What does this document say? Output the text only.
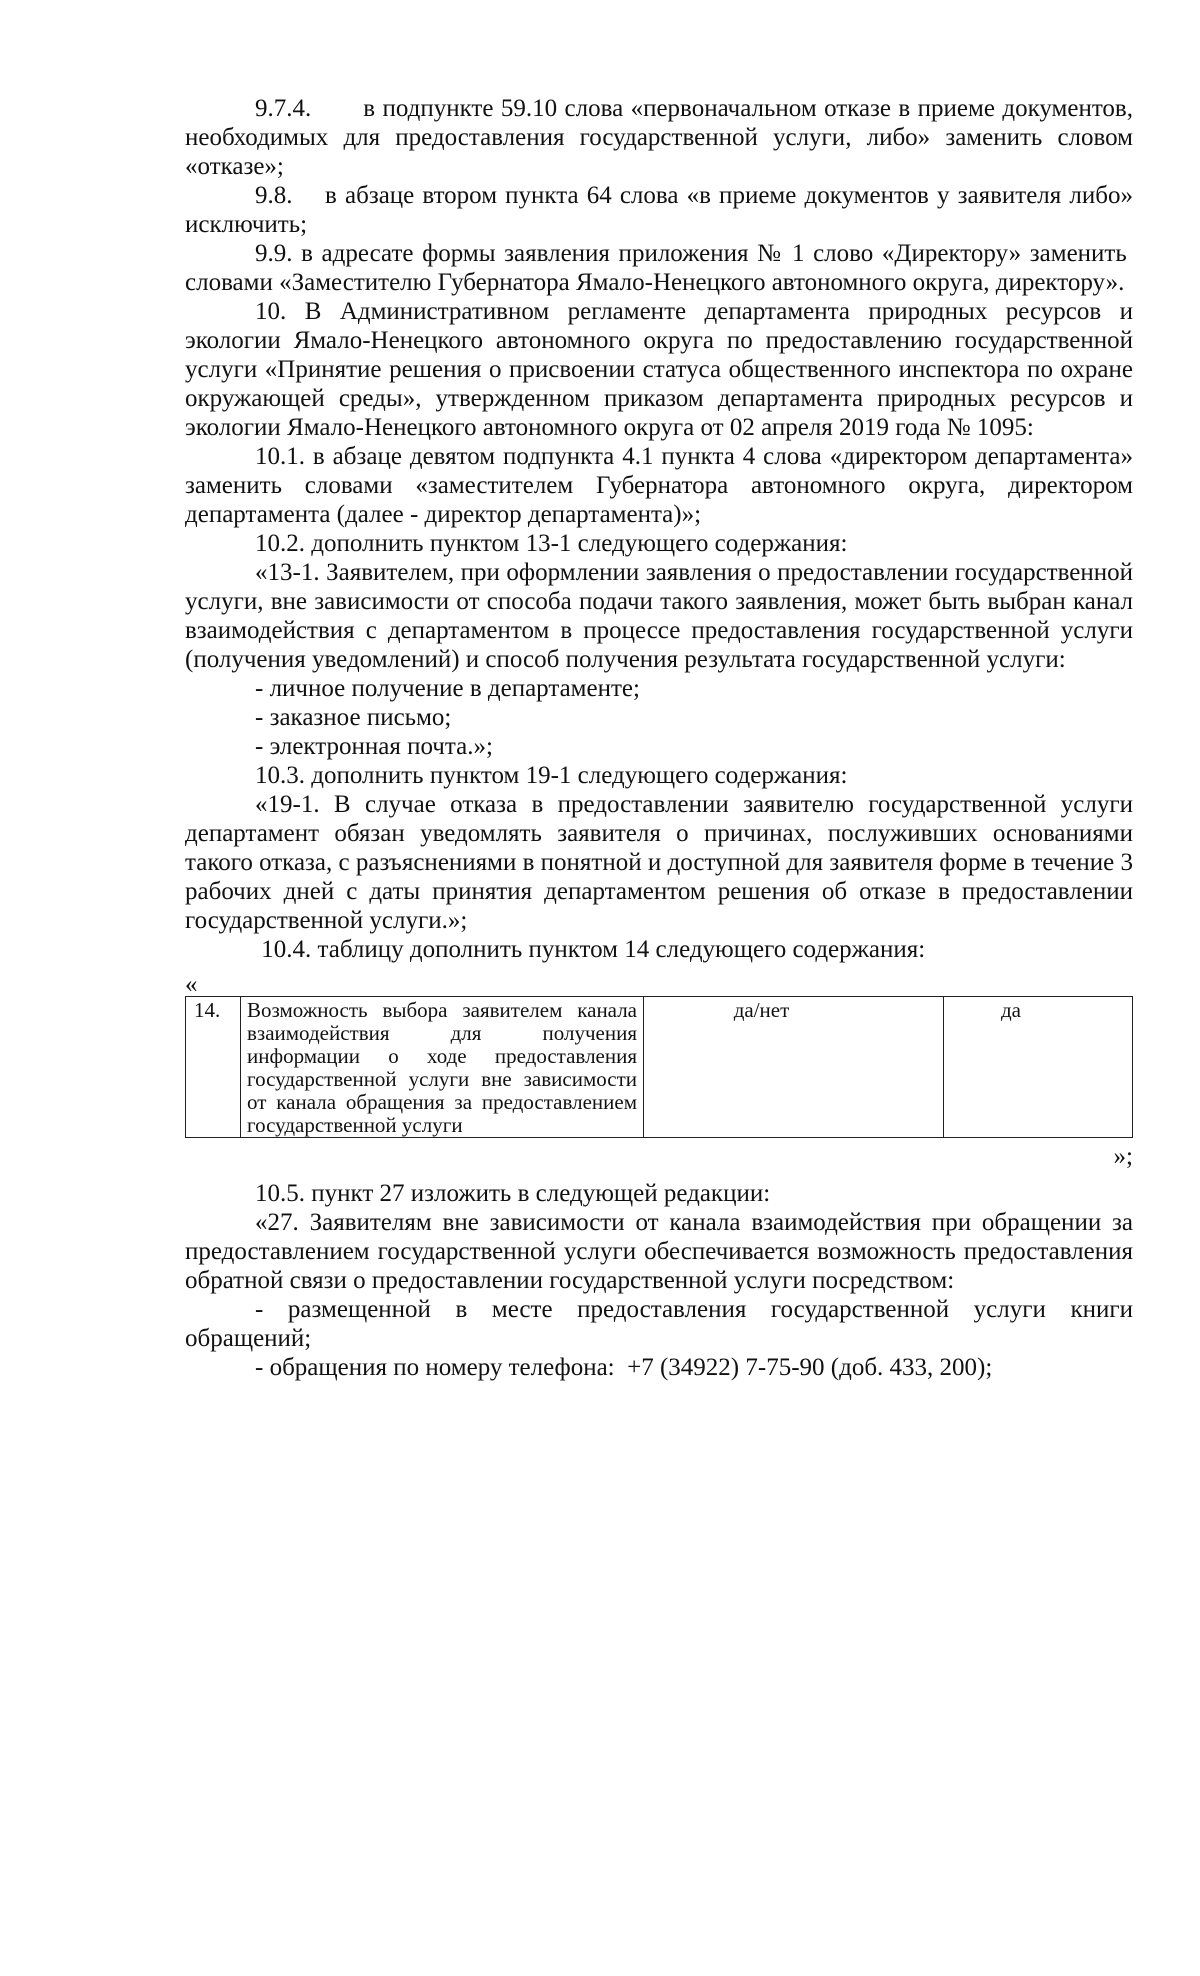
9.7.4.       в подпункте 59.10 слова «первоначальном отказе в приеме документов, необходимых для предоставления государственной услуги, либо» заменить словом «отказе»;

9.8.    в абзаце втором пункта 64 слова «в приеме документов у заявителя либо» исключить;

9.9. в адресате формы заявления приложения № 1 слово «Директору» заменить  словами «Заместителю Губернатора Ямало-Ненецкого автономного округа, директору».

10. В Административном регламенте департамента природных ресурсов и экологии Ямало-Ненецкого автономного округа по предоставлению государственной услуги «Принятие решения о присвоении статуса общественного инспектора по охране окружающей среды», утвержденном приказом департамента природных ресурсов и экологии Ямало-Ненецкого автономного округа от 02 апреля 2019 года № 1095:

10.1. в абзаце девятом подпункта 4.1 пункта 4 слова «директором департамента» заменить словами «заместителем Губернатора автономного округа, директором департамента (далее - директор департамента)»;

10.2. дополнить пунктом 13-1 следующего содержания:

«13-1. Заявителем, при оформлении заявления о предоставлении государственной услуги, вне зависимости от способа подачи такого заявления, может быть выбран канал взаимодействия с департаментом в процессе предоставления государственной услуги (получения уведомлений) и способ получения результата государственной услуги:

- личное получение в департаменте;

- заказное письмо;

- электронная почта.»;

10.3. дополнить пунктом 19-1 следующего содержания:

«19-1. В случае отказа в предоставлении заявителю государственной услуги департамент обязан уведомлять заявителя о причинах, послуживших основаниями такого отказа, с разъяснениями в понятной и доступной для заявителя форме в течение 3 рабочих дней с даты принятия департаментом решения об отказе в предоставлении государственной услуги.»;

10.4. таблицу дополнить пунктом 14 следующего содержания:

«

14.	Возможность выбора заявителем канала взаимодействия для получения информации о ходе предоставления государственной услуги вне зависимости от канала обращения за предоставлением государственной услуги	да/нет	да

»;

10.5. пункт 27 изложить в следующей редакции:

«27. Заявителям вне зависимости от канала взаимодействия при обращении за предоставлением государственной услуги обеспечивается возможность предоставления обратной связи о предоставлении государственной услуги посредством:

- размещенной в месте предоставления государственной услуги книги обращений;

- обращения по номеру телефона:  +7 (34922) 7-75-90 (доб. 433, 200);
